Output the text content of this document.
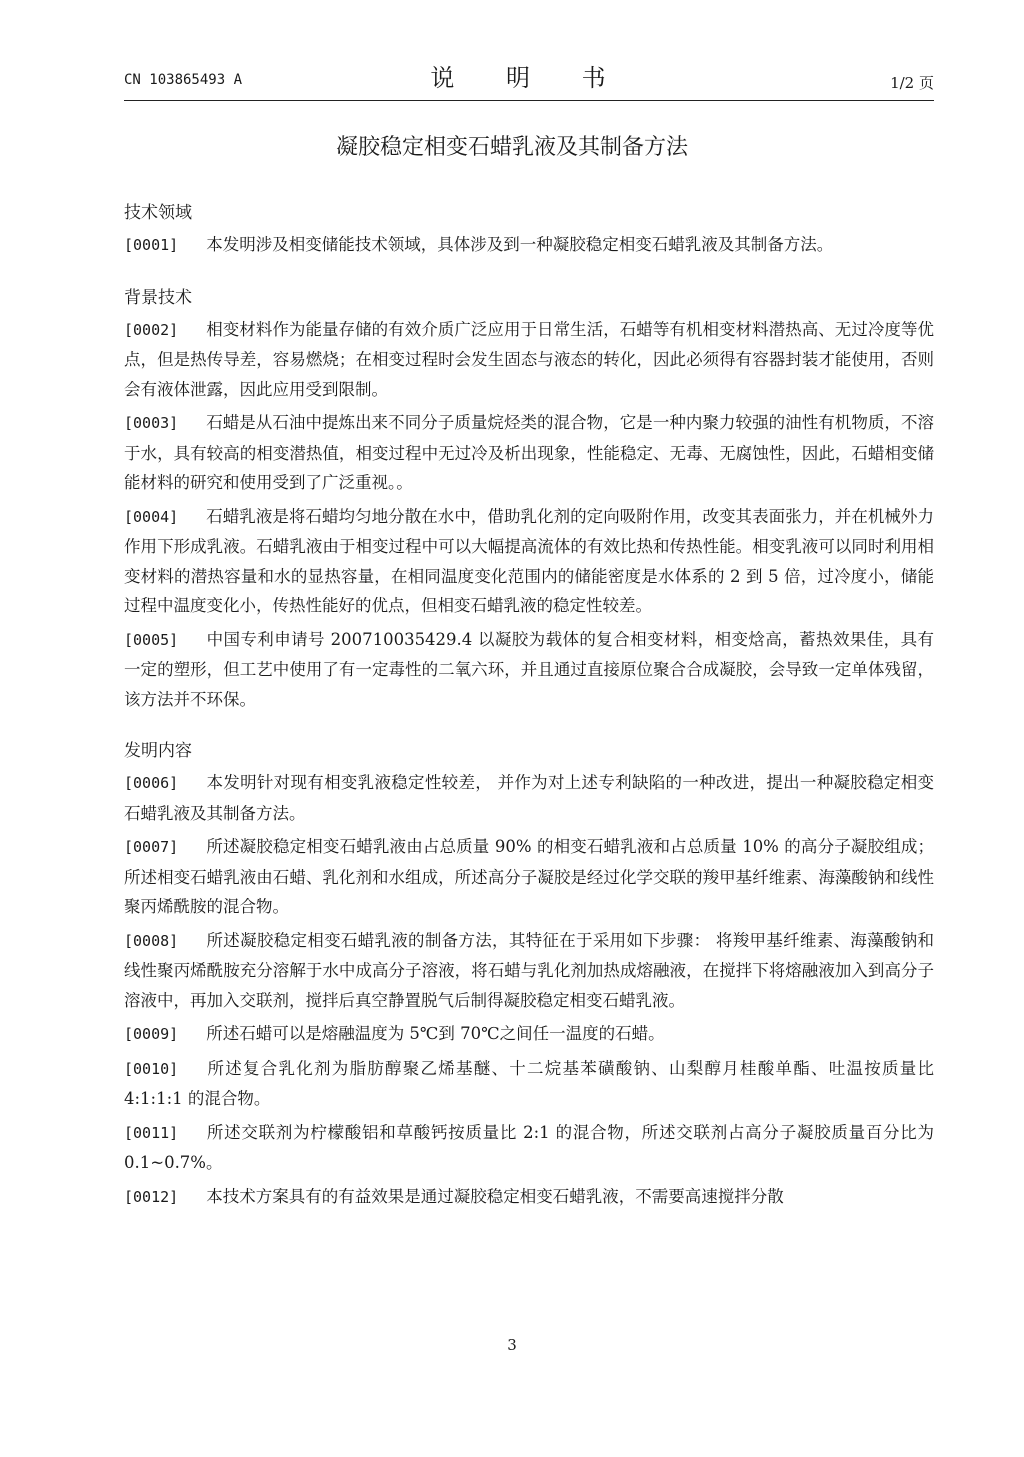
CN 103865493 A	说 明 书	1/2 页
凝胶稳定相变石蜡乳液及其制备方法
技术领域
[0001] 本发明涉及相变储能技术领域，具体涉及到一种凝胶稳定相变石蜡乳液及其制备方法。
背景技术
[0002] 相变材料作为能量存储的有效介质广泛应用于日常生活，石蜡等有机相变材料潜热高、无过冷度等优点，但是热传导差，容易燃烧；在相变过程时会发生固态与液态的转化，因此必须得有容器封装才能使用，否则会有液体泄露，因此应用受到限制。
[0003] 石蜡是从石油中提炼出来不同分子质量烷烃类的混合物，它是一种内聚力较强的油性有机物质，不溶于水，具有较高的相变潜热值，相变过程中无过冷及析出现象，性能稳定、无毒、无腐蚀性，因此，石蜡相变储能材料的研究和使用受到了广泛重视。。
[0004] 石蜡乳液是将石蜡均匀地分散在水中，借助乳化剂的定向吸附作用，改变其表面张力，并在机械外力作用下形成乳液。石蜡乳液由于相变过程中可以大幅提高流体的有效比热和传热性能。相变乳液可以同时利用相变材料的潜热容量和水的显热容量，在相同温度变化范围内的储能密度是水体系的 2 到 5 倍，过冷度小，储能过程中温度变化小，传热性能好的优点，但相变石蜡乳液的稳定性较差。
[0005] 中国专利申请号 200710035429.4 以凝胶为载体的复合相变材料，相变焓高，蓄热效果佳，具有一定的塑形，但工艺中使用了有一定毒性的二氧六环，并且通过直接原位聚合合成凝胶，会导致一定单体残留，该方法并不环保。
发明内容
[0006] 本发明针对现有相变乳液稳定性较差， 并作为对上述专利缺陷的一种改进，提出一种凝胶稳定相变石蜡乳液及其制备方法。
[0007] 所述凝胶稳定相变石蜡乳液由占总质量 90% 的相变石蜡乳液和占总质量 10% 的高分子凝胶组成；所述相变石蜡乳液由石蜡、乳化剂和水组成，所述高分子凝胶是经过化学交联的羧甲基纤维素、海藻酸钠和线性聚丙烯酰胺的混合物。
[0008] 所述凝胶稳定相变石蜡乳液的制备方法，其特征在于采用如下步骤： 将羧甲基纤维素、海藻酸钠和线性聚丙烯酰胺充分溶解于水中成高分子溶液，将石蜡与乳化剂加热成熔融液，在搅拌下将熔融液加入到高分子溶液中，再加入交联剂，搅拌后真空静置脱气后制得凝胶稳定相变石蜡乳液。
[0009] 所述石蜡可以是熔融温度为 5℃到 70℃之间任一温度的石蜡。
[0010] 所述复合乳化剂为脂肪醇聚乙烯基醚、十二烷基苯磺酸钠、山梨醇月桂酸单酯、吐温按质量比 4:1:1:1 的混合物。
[0011] 所述交联剂为柠檬酸铝和草酸钙按质量比 2:1 的混合物，所述交联剂占高分子凝胶质量百分比为 0.1~0.7%。
[0012] 本技术方案具有的有益效果是通过凝胶稳定相变石蜡乳液，不需要高速搅拌分散
3
